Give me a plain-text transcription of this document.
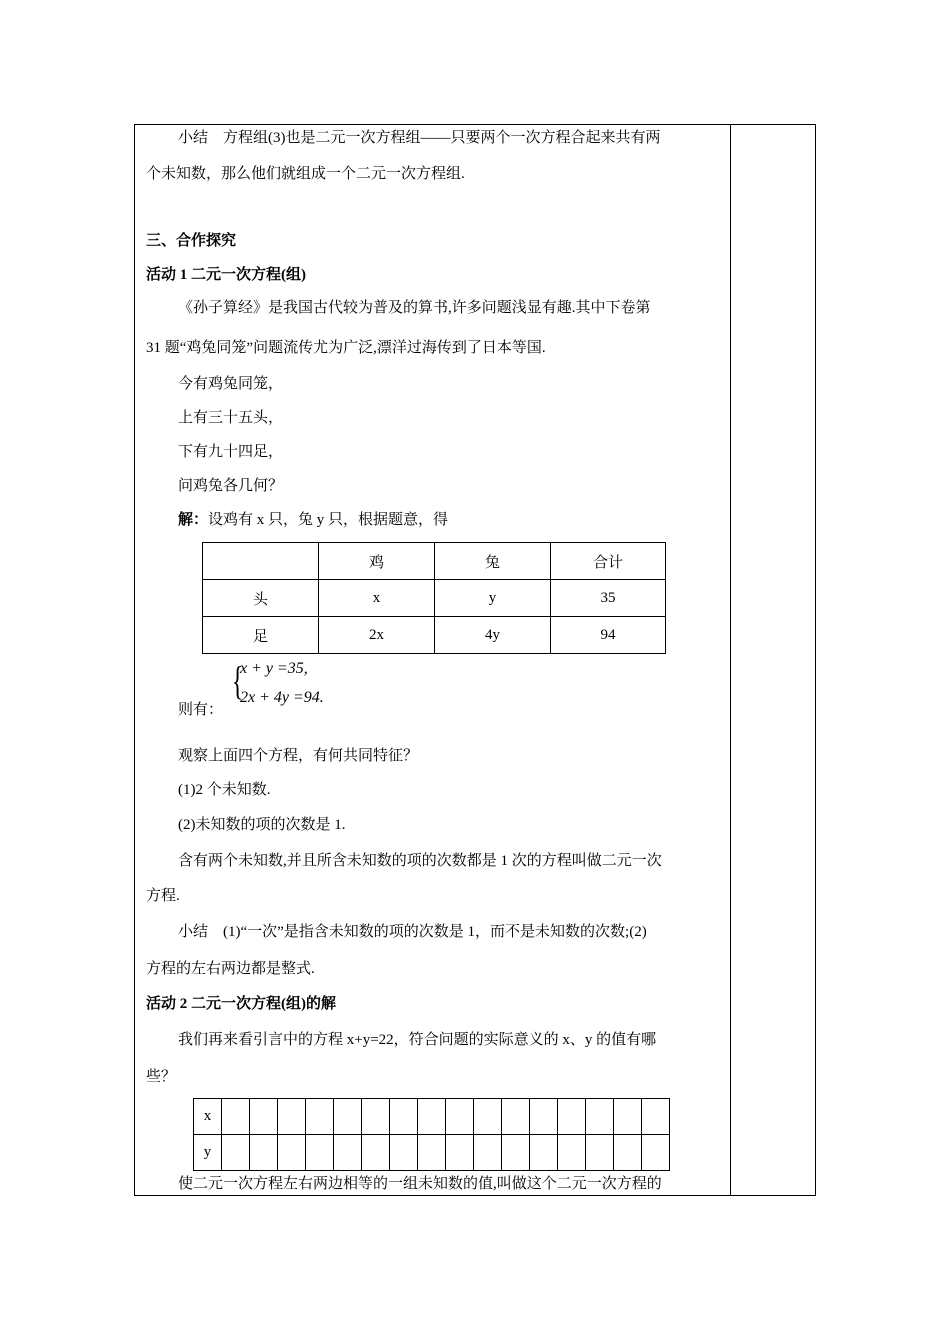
小结　方程组(3)也是二元一次方程组——只要两个一次方程合起来共有两
个未知数，那么他们就组成一个二元一次方程组.
三、合作探究
活动 1 二元一次方程(组)
《孙子算经》是我国古代较为普及的算书,许多问题浅显有趣.其中下卷第
31 题“鸡兔同笼”问题流传尤为广泛,漂洋过海传到了日本等国.
今有鸡兔同笼，
上有三十五头，
下有九十四足，
问鸡兔各几何？
解：设鸡有 x 只，兔 y 只，根据题意，得
	鸡	兔	合计
头	x	y	35
足	2x	4y	94
则有：
{
x + y =35,
2x + 4y =94.
观察上面四个方程，有何共同特征？
(1)2 个未知数.
(2)未知数的项的次数是 1.
含有两个未知数,并且所含未知数的项的次数都是 1 次的方程叫做二元一次
方程.
小结　(1)“一次”是指含未知数的项的次数是 1，而不是未知数的次数;(2)
方程的左右两边都是整式.
活动 2 二元一次方程(组)的解
我们再来看引言中的方程 x+y=22，符合问题的实际意义的 x、y 的值有哪
些？
x																
y																
使二元一次方程左右两边相等的一组未知数的值,叫做这个二元一次方程的
